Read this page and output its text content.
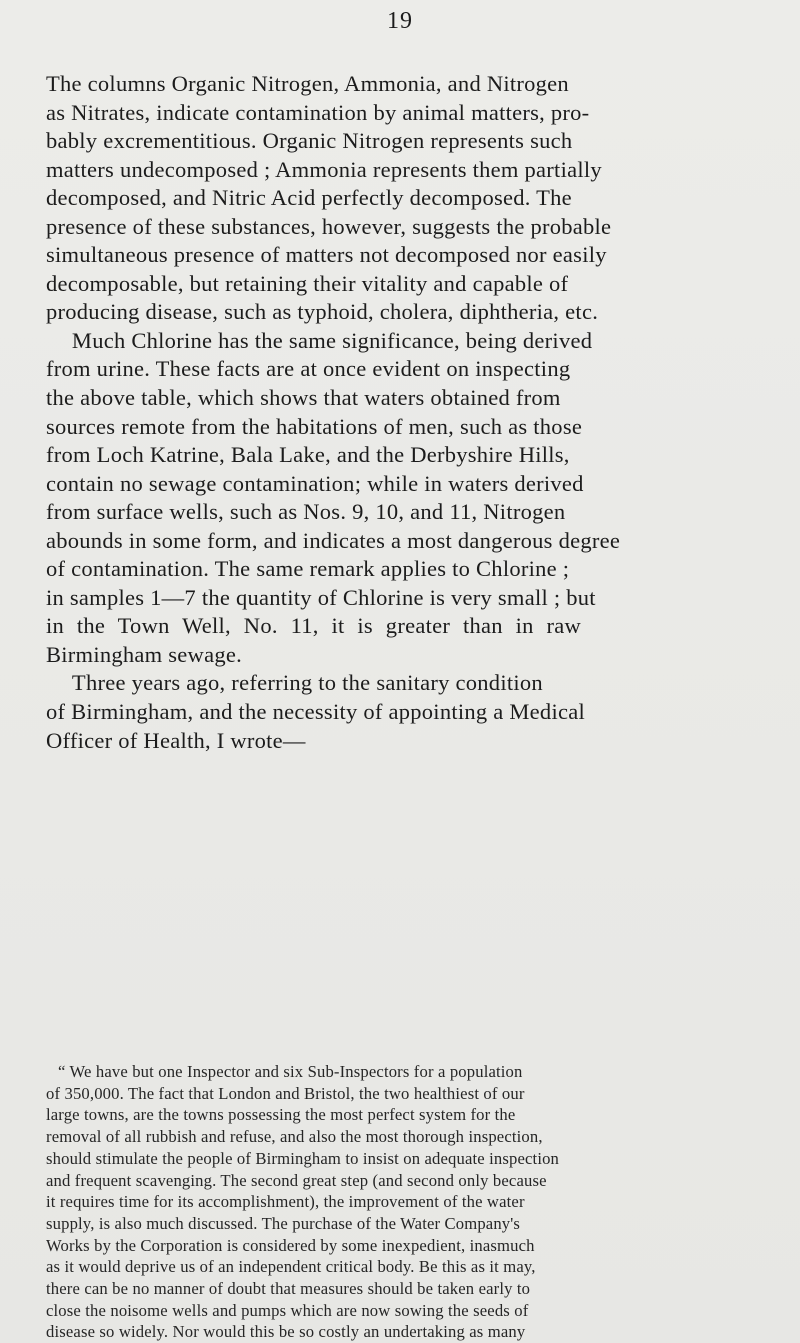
19
The columns Organic Nitrogen, Ammonia, and Nitrogen
as Nitrates, indicate contamination by animal matters, pro-
bably excrementitious. Organic Nitrogen represents such
matters undecomposed ; Ammonia represents them partially
decomposed, and Nitric Acid perfectly decomposed. The
presence of these substances, however, suggests the probable
simultaneous presence of matters not decomposed nor easily
decomposable, but retaining their vitality and capable of
producing disease, such as typhoid, cholera, diphtheria, etc.
Much Chlorine has the same significance, being derived
from urine. These facts are at once evident on inspecting
the above table, which shows that waters obtained from
sources remote from the habitations of men, such as those
from Loch Katrine, Bala Lake, and the Derbyshire Hills,
contain no sewage contamination; while in waters derived
from surface wells, such as Nos. 9, 10, and 11, Nitrogen
abounds in some form, and indicates a most dangerous degree
of contamination. The same remark applies to Chlorine ;
in samples 1—7 the quantity of Chlorine is very small ; but
in the Town Well, No. 11, it is greater than in raw
Birmingham sewage.
Three years ago, referring to the sanitary condition
of Birmingham, and the necessity of appointing a Medical
Officer of Health, I wrote—
“ We have but one Inspector and six Sub-Inspectors for a population
of 350,000. The fact that London and Bristol, the two healthiest of our
large towns, are the towns possessing the most perfect system for the
removal of all rubbish and refuse, and also the most thorough inspection,
should stimulate the people of Birmingham to insist on adequate inspection
and frequent scavenging. The second great step (and second only because
it requires time for its accomplishment), the improvement of the water
supply, is also much discussed. The purchase of the Water Company's
Works by the Corporation is considered by some inexpedient, inasmuch
as it would deprive us of an independent critical body. Be this as it may,
there can be no manner of doubt that measures should be taken early to
close the noisome wells and pumps which are now sowing the seeds of
disease so widely. Nor would this be so costly an undertaking as many
